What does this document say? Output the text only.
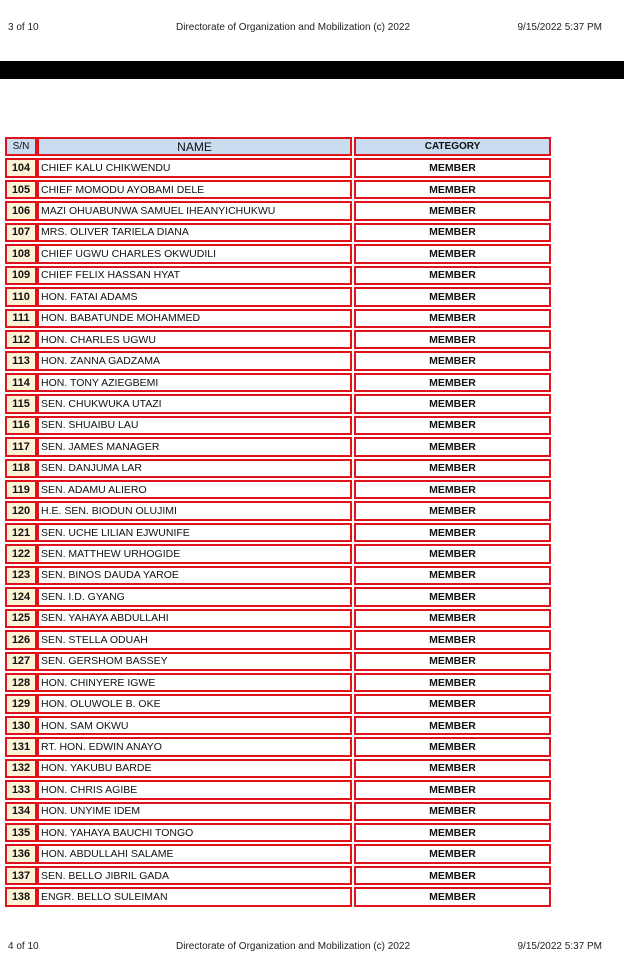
3 of 10	Directorate of Organization and Mobilization (c) 2022	9/15/2022 5:37 PM
S/N	NAME	CATEGORY
104	CHIEF KALU CHIKWENDU	MEMBER
105	CHIEF MOMODU AYOBAMI DELE	MEMBER
106	MAZI OHUABUNWA SAMUEL IHEANYICHUKWU	MEMBER
107	MRS. OLIVER TARIELA DIANA	MEMBER
108	CHIEF UGWU CHARLES OKWUDILI	MEMBER
109	CHIEF FELIX HASSAN HYAT	MEMBER
110	HON. FATAI ADAMS	MEMBER
111	HON. BABATUNDE MOHAMMED	MEMBER
112	HON. CHARLES UGWU	MEMBER
113	HON. ZANNA GADZAMA	MEMBER
114	HON. TONY AZIEGBEMI	MEMBER
115	SEN. CHUKWUKA UTAZI	MEMBER
116	SEN. SHUAIBU LAU	MEMBER
117	SEN. JAMES MANAGER	MEMBER
118	SEN. DANJUMA LAR	MEMBER
119	SEN. ADAMU ALIERO	MEMBER
120	H.E. SEN. BIODUN OLUJIMI	MEMBER
121	SEN. UCHE LILIAN EJWUNIFE	MEMBER
122	SEN. MATTHEW URHOGIDE	MEMBER
123	SEN. BINOS DAUDA YAROE	MEMBER
124	SEN. I.D. GYANG	MEMBER
125	SEN. YAHAYA ABDULLAHI	MEMBER
126	SEN. STELLA ODUAH	MEMBER
127	SEN. GERSHOM BASSEY	MEMBER
128	HON. CHINYERE IGWE	MEMBER
129	HON. OLUWOLE B. OKE	MEMBER
130	HON. SAM OKWU	MEMBER
131	RT. HON. EDWIN ANAYO	MEMBER
132	HON. YAKUBU BARDE	MEMBER
133	HON. CHRIS AGIBE	MEMBER
134	HON. UNYIME IDEM	MEMBER
135	HON. YAHAYA BAUCHI TONGO	MEMBER
136	HON. ABDULLAHI SALAME	MEMBER
137	SEN. BELLO JIBRIL GADA	MEMBER
138	ENGR. BELLO SULEIMAN	MEMBER
4 of 10	Directorate of Organization and Mobilization (c) 2022	9/15/2022 5:37 PM
